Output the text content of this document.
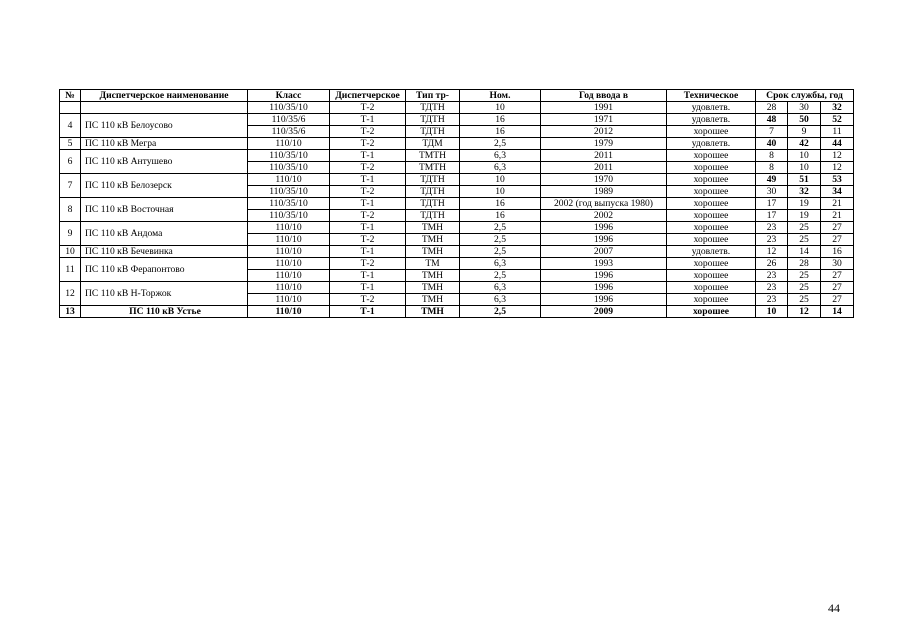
№	Диспетчерское наименование	Класс	Диспетчерское	Тип тр-	Ном.	Год ввода в	Техническое	Срок службы, год		
		110/35/10	Т-2	ТДТН	10	1991	удовлетв.	28	30	32
4	ПС 110 кВ Белоусово	110/35/6	Т-1	ТДТН	16	1971	удовлетв.	48	50	52
		110/35/6	Т-2	ТДТН	16	2012	хорошее	7	9	11
5	ПС 110 кВ Мегра	110/10	Т-2	ТДМ	2,5	1979	удовлетв.	40	42	44
6	ПС 110 кВ Антушево	110/35/10	Т-1	ТМТН	6,3	2011	хорошее	8	10	12
		110/35/10	Т-2	ТМТН	6,3	2011	хорошее	8	10	12
7	ПС 110 кВ Белозерск	110/10	Т-1	ТДТН	10	1970	хорошее	49	51	53
		110/35/10	Т-2	ТДТН	10	1989	хорошее	30	32	34
8	ПС 110 кВ Восточная	110/35/10	Т-1	ТДТН	16	2002 (год выпуска 1980)	хорошее	17	19	21
		110/35/10	Т-2	ТДТН	16	2002	хорошее	17	19	21
9	ПС 110 кВ Андома	110/10	Т-1	ТМН	2,5	1996	хорошее	23	25	27
		110/10	Т-2	ТМН	2,5	1996	хорошее	23	25	27
10	ПС 110 кВ Бечевинка	110/10	Т-1	ТМН	2,5	2007	удовлетв.	12	14	16
11	ПС 110 кВ Ферапонтово	110/10	Т-2	ТМ	6,3	1993	хорошее	26	28	30
		110/10	Т-1	ТМН	2,5	1996	хорошее	23	25	27
12	ПС 110 кВ Н-Торжок	110/10	Т-1	ТМН	6,3	1996	хорошее	23	25	27
		110/10	Т-2	ТМН	6,3	1996	хорошее	23	25	27
13	ПС 110 кВ Устье	110/10	Т-1	ТМН	2,5	2009	хорошее	10	12	14
44
